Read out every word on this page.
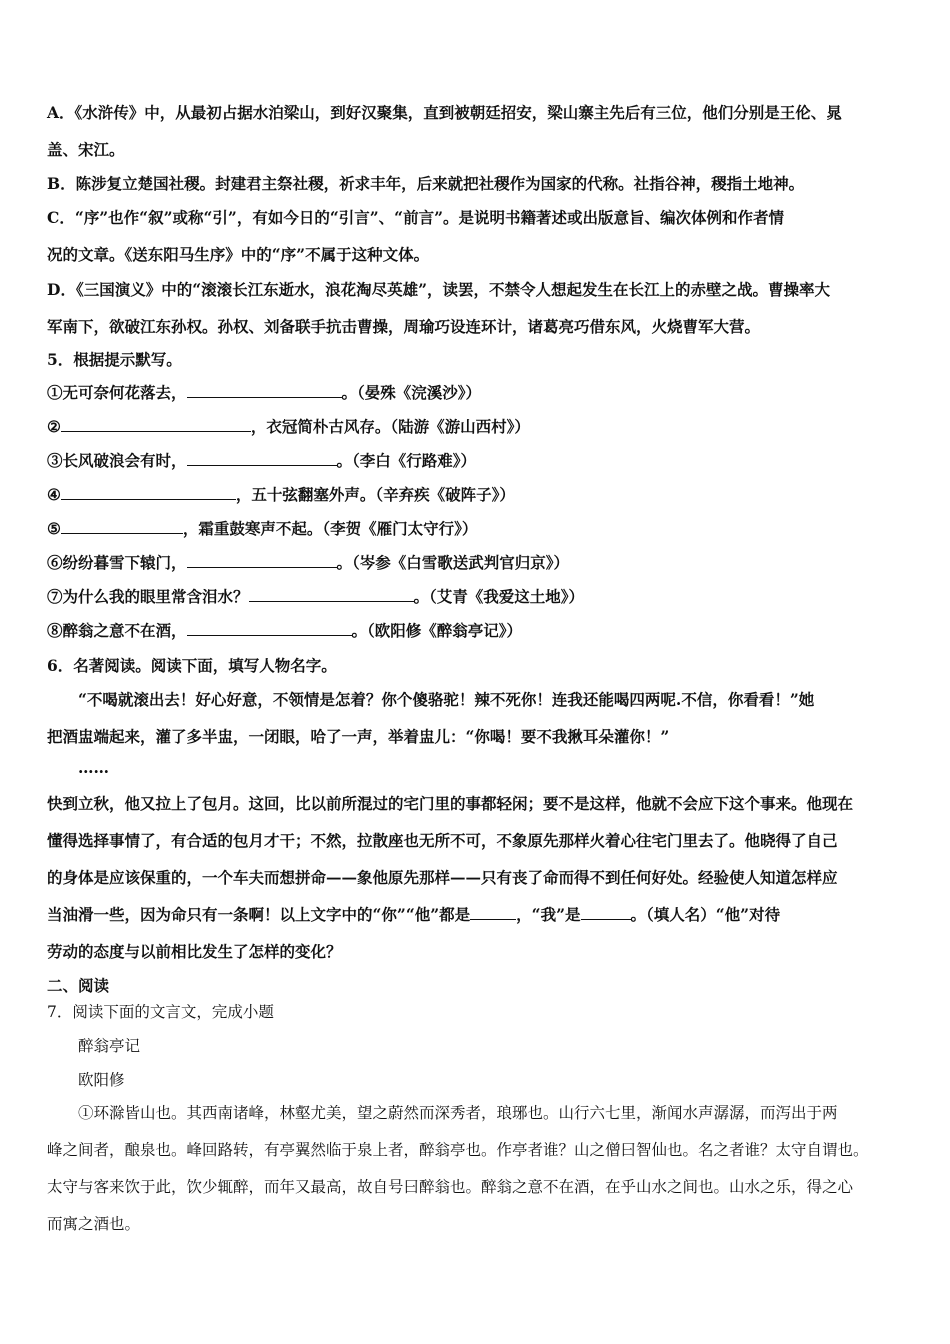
A．《水浒传》中，从最初占据水泊梁山，到好汉聚集，直到被朝廷招安，梁山寨主先后有三位，他们分别是王伦、晁
盖、宋江。
B．陈涉复立楚国社稷。封建君主祭社稷，祈求丰年，后来就把社稷作为国家的代称。社指谷神，稷指土地神。
C．“序”也作“叙”或称“引”，有如今日的“引言”、“前言”。是说明书籍著述或出版意旨、编次体例和作者情
况的文章。《送东阳马生序》中的“序”不属于这种文体。
D．《三国演义》中的“滚滚长江东逝水，浪花淘尽英雄”，读罢，不禁令人想起发生在长江上的赤壁之战。曹操率大
军南下，欲破江东孙权。孙权、刘备联手抗击曹操，周瑜巧设连环计，诸葛亮巧借东风，火烧曹军大营。
5．根据提示默写。
①无可奈何花落去，	。（晏殊《浣溪沙》）
②	，衣冠简朴古风存。（陆游《游山西村》）
③长风破浪会有时，	。（李白《行路难》）
④	，五十弦翻塞外声。（辛弃疾《破阵子》）
⑤	，霜重鼓寒声不起。（李贺《雁门太守行》）
⑥纷纷暮雪下辕门，	。（岑参《白雪歌送武判官归京》）
⑦为什么我的眼里常含泪水？	。（艾青《我爱这土地》）
⑧醉翁之意不在酒，	。（欧阳修《醉翁亭记》）
6．名著阅读。阅读下面，填写人物名字。
“不喝就滚出去！好心好意，不领情是怎着？你个傻骆驼！辣不死你！连我还能喝四两呢.不信，你看看！”她
把酒盅端起来，灌了多半盅，一闭眼，哈了一声，举着盅儿：“你喝！要不我揪耳朵灌你！”
……
快到立秋，他又拉上了包月。这回，比以前所混过的宅门里的事都轻闲；要不是这样，他就不会应下这个事来。他现在
懂得选择事情了，有合适的包月才干；不然，拉散座也无所不可，不象原先那样火着心往宅门里去了。他晓得了自己
的身体是应该保重的，一个车夫而想拼命——象他原先那样——只有丧了命而得不到任何好处。经验使人知道怎样应
当油滑一些，因为命只有一条啊！以上文字中的“你”“他”都是	，“我”是	。（填人名）“他”对待
劳动的态度与以前相比发生了怎样的变化？
二、阅读
7．阅读下面的文言文，完成小题
醉翁亭记
欧阳修
①环滁皆山也。其西南诸峰，林壑尤美，望之蔚然而深秀者，琅琊也。山行六七里，渐闻水声潺潺，而泻出于两
峰之间者，酿泉也。峰回路转，有亭翼然临于泉上者，醉翁亭也。作亭者谁？山之僧曰智仙也。名之者谁？太守自谓也。
太守与客来饮于此，饮少辄醉，而年又最高，故自号曰醉翁也。醉翁之意不在酒，在乎山水之间也。山水之乐，得之心
而寓之酒也。
